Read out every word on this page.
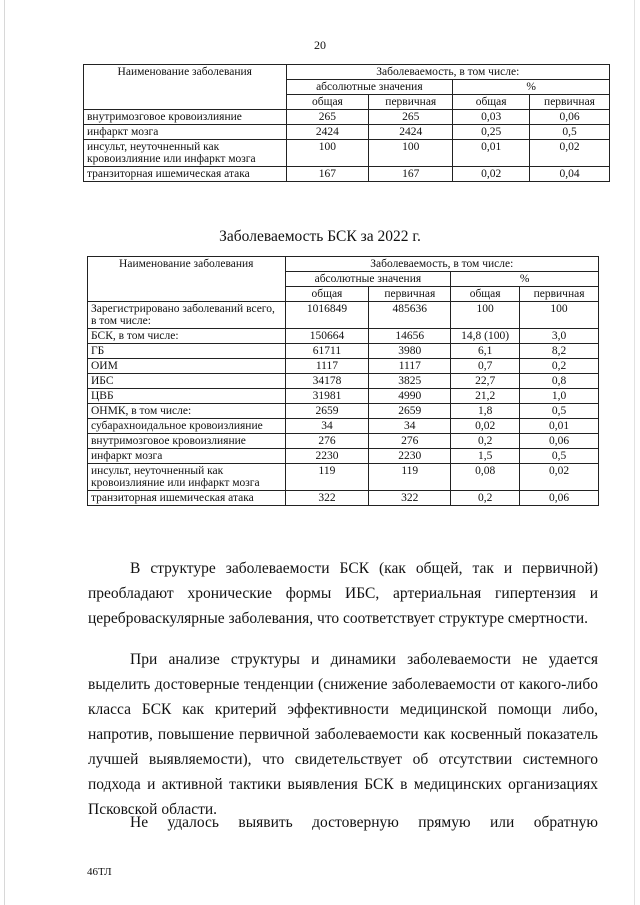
20
Наименование заболевания	Заболеваемость, в том числе:			
	абсолютные значения		%	
	общая	первичная	общая	первичная
внутримозговое кровоизлияние	265	265	0,03	0,06
инфаркт мозга	2424	2424	0,25	0,5
инсульт, неуточненный как кровоизлияние или инфаркт мозга	100	100	0,01	0,02
транзиторная ишемическая атака	167	167	0,02	0,04
Заболеваемость БСК за 2022 г.
Наименование заболевания	Заболеваемость, в том числе:			
	абсолютные значения		%	
	общая	первичная	общая	первичная
Зарегистрировано заболеваний всего, в том числе:	1016849	485636	100	100
БСК, в том числе:	150664	14656	14,8 (100)	3,0
ГБ	61711	3980	6,1	8,2
ОИМ	1117	1117	0,7	0,2
ИБС	34178	3825	22,7	0,8
ЦВБ	31981	4990	21,2	1,0
ОНМК, в том числе:	2659	2659	1,8	0,5
субарахноидальное кровоизлияние	34	34	0,02	0,01
внутримозговое кровоизлияние	276	276	0,2	0,06
инфаркт мозга	2230	2230	1,5	0,5
инсульт, неуточненный как кровоизлияние или инфаркт мозга	119	119	0,08	0,02
транзиторная ишемическая атака	322	322	0,2	0,06

В структуре заболеваемости БСК (как общей, так и первичной) преобладают хронические формы ИБС, артериальная гипертензия и цереброваскулярные заболевания, что соответствует структуре смертности.

При анализе структуры и динамики заболеваемости не удается выделить достоверные тенденции (снижение заболеваемости от какого-либо класса БСК как критерий эффективности медицинской помощи либо, напротив, повышение первичной заболеваемости как косвенный показатель лучшей выявляемости), что свидетельствует об отсутствии системного подхода и активной тактики выявления БСК в медицинских организациях Псковской области.

Не удалось выявить достоверную прямую или обратную

46ТЛ
